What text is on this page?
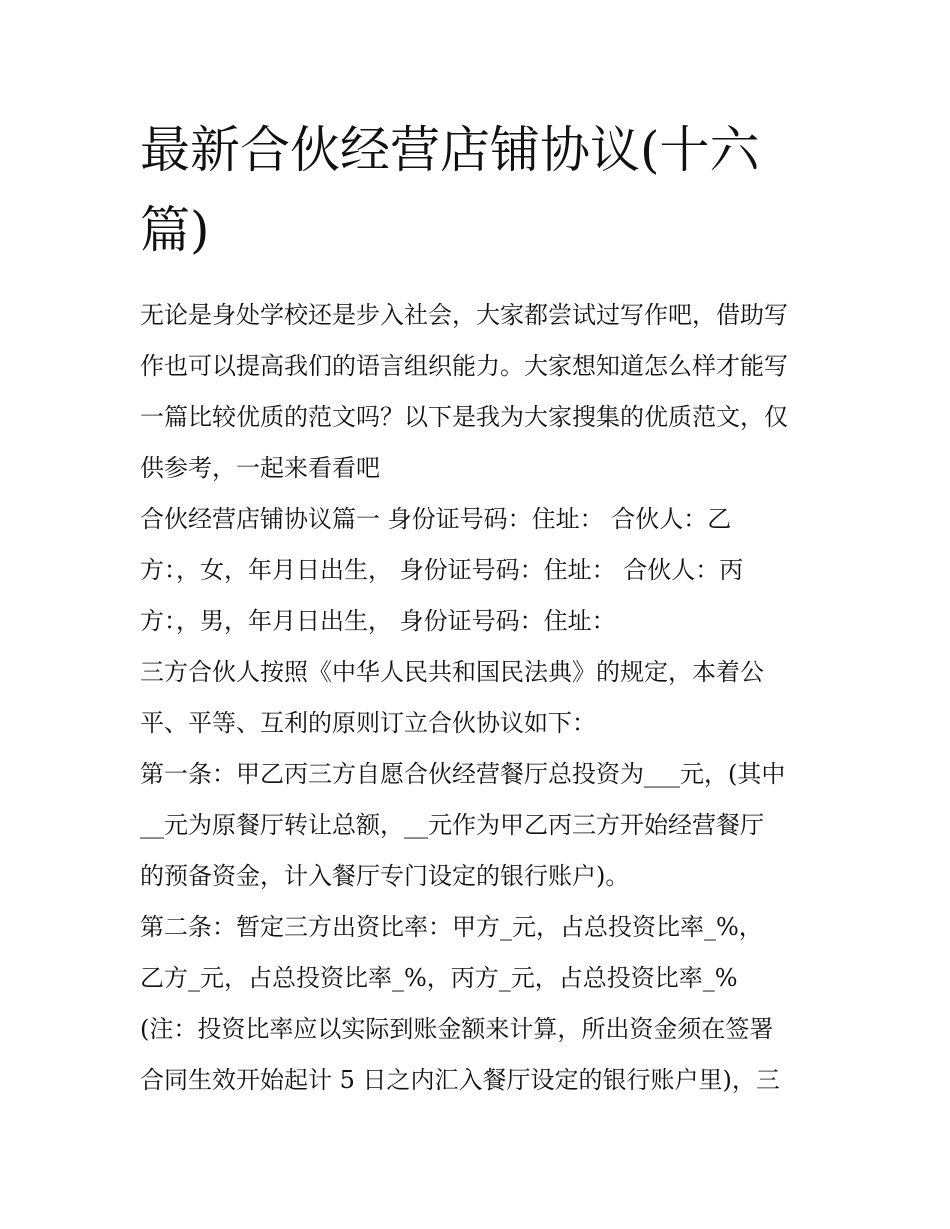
最新合伙经营店铺协议(十六
篇)

无论是身处学校还是步入社会，大家都尝试过写作吧，借助写

作也可以提高我们的语言组织能力。大家想知道怎么样才能写

一篇比较优质的范文吗？以下是我为大家搜集的优质范文，仅

供参考，一起来看看吧

合伙经营店铺协议篇一 身份证号码：住址： 合伙人：乙

方：，女，年月日出生， 身份证号码：住址： 合伙人：丙

方：，男，年月日出生， 身份证号码：住址：

三方合伙人按照《中华人民共和国民法典》的规定，本着公

平、平等、互利的原则订立合伙协议如下：

第一条：甲乙丙三方自愿合伙经营餐厅总投资为___元，(其中

__元为原餐厅转让总额，__元作为甲乙丙三方开始经营餐厅

的预备资金，计入餐厅专门设定的银行账户)。

第二条：暂定三方出资比率：甲方_元，占总投资比率_%，

乙方_元，占总投资比率_%，丙方_元，占总投资比率_%

(注：投资比率应以实际到账金额来计算，所出资金须在签署

合同生效开始起计 5 日之内汇入餐厅设定的银行账户里)，三
